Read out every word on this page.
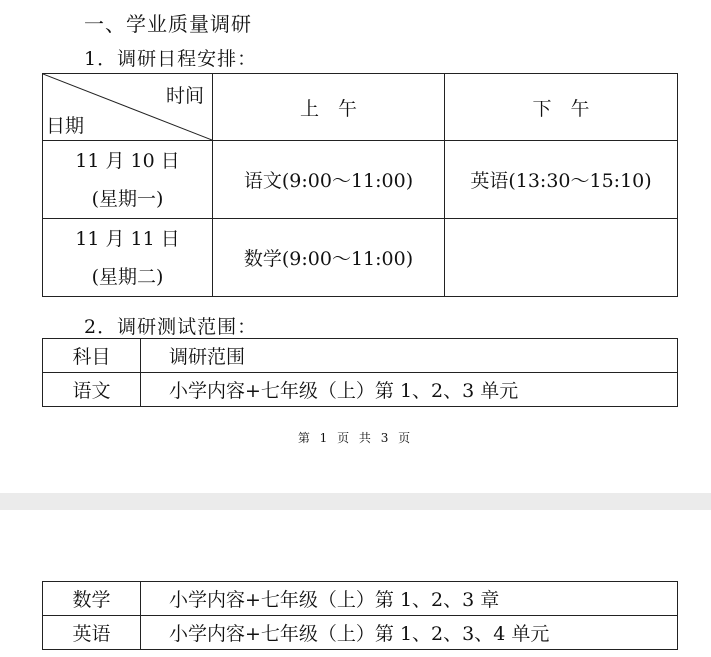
一、学业质量调研
1．调研日程安排：
时间
日期	上　午	下　午

11 月 10 日
(星期一)	语文(9:00～11:00)	英语(13:30～15:10)

11 月 11 日
(星期二)	数学(9:00～11:00)	
2．调研测试范围：
科目	调研范围
语文	小学内容+七年级（上）第 1、2、3 单元
第 1 页 共 3 页
数学	小学内容+七年级（上）第 1、2、3 章
英语	小学内容+七年级（上）第 1、2、3、4 单元
